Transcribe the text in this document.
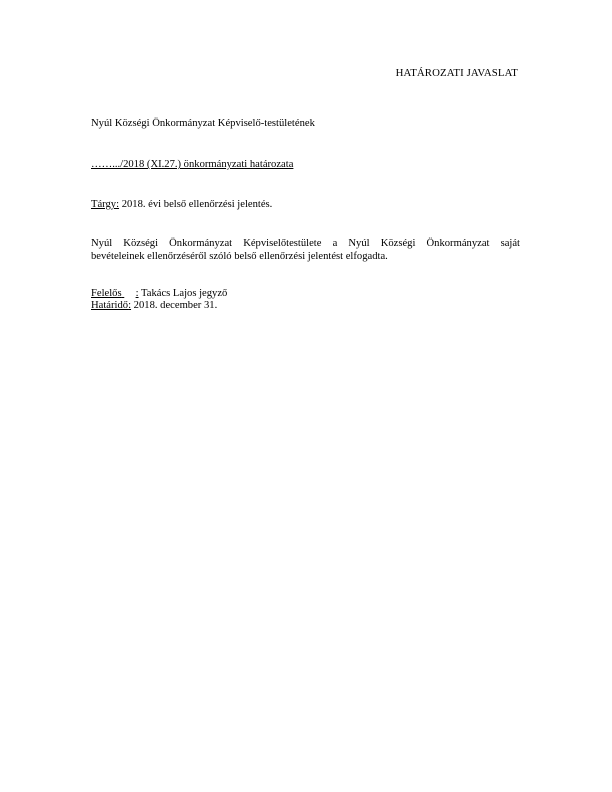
HATÁROZATI JAVASLAT
Nyúl Községi Önkormányzat Képviselő-testületének
…….../2018 (XI.27.) önkormányzati határozata
Tárgy: 2018. évi belső ellenőrzési jelentés.
Nyúl Községi Önkormányzat Képviselőtestülete a Nyúl Községi Önkormányzat saját
bevételeinek ellenőrzéséről szóló belső ellenőrzési jelentést elfogadta.
Felelős : Takács Lajos jegyző
Határidő: 2018. december 31.
